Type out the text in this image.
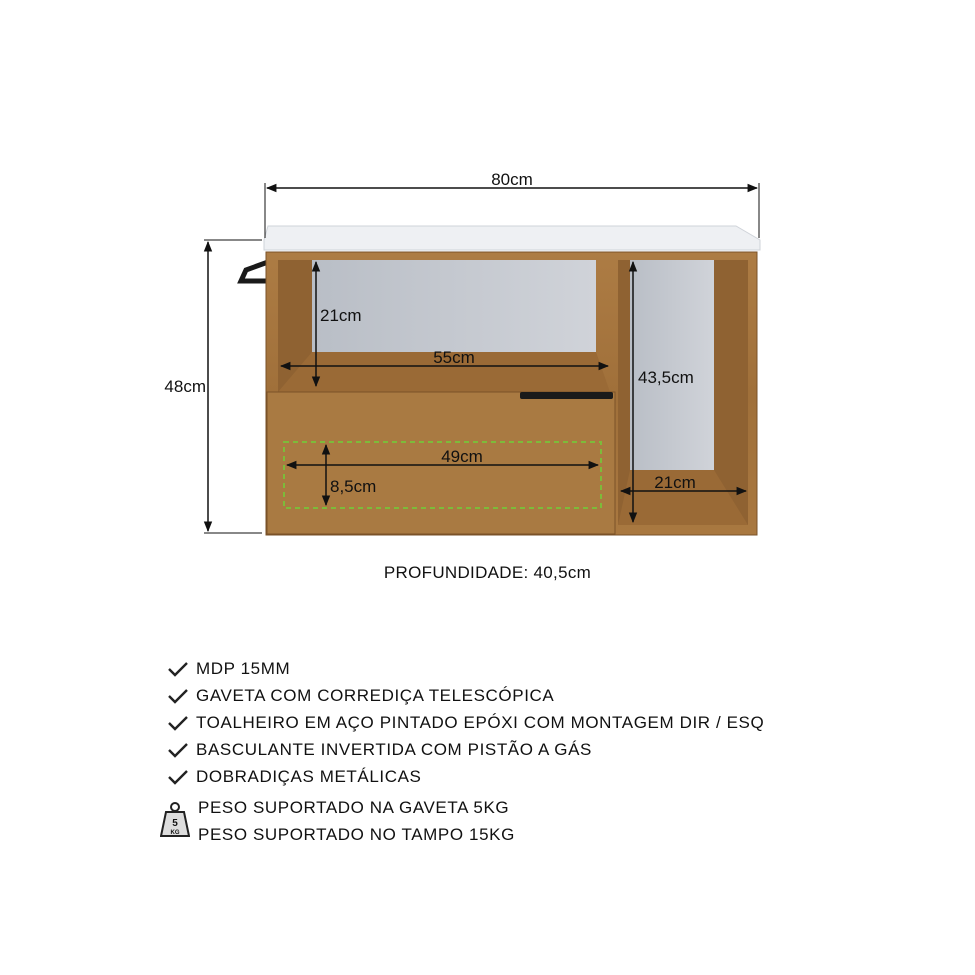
80cm
48cm
21cm
55cm
43,5cm
21cm
49cm
8,5cm
PROFUNDIDADE: 40,5cm
MDP 15MM
GAVETA COM CORREDIÇA TELESCÓPICA
TOALHEIRO EM AÇO PINTADO EPÓXI COM MONTAGEM DIR / ESQ
BASCULANTE INVERTIDA COM PISTÃO A GÁS
DOBRADIÇAS METÁLICAS
5
KG
PESO SUPORTADO NA GAVETA 5KG
PESO SUPORTADO NO TAMPO 15KG
